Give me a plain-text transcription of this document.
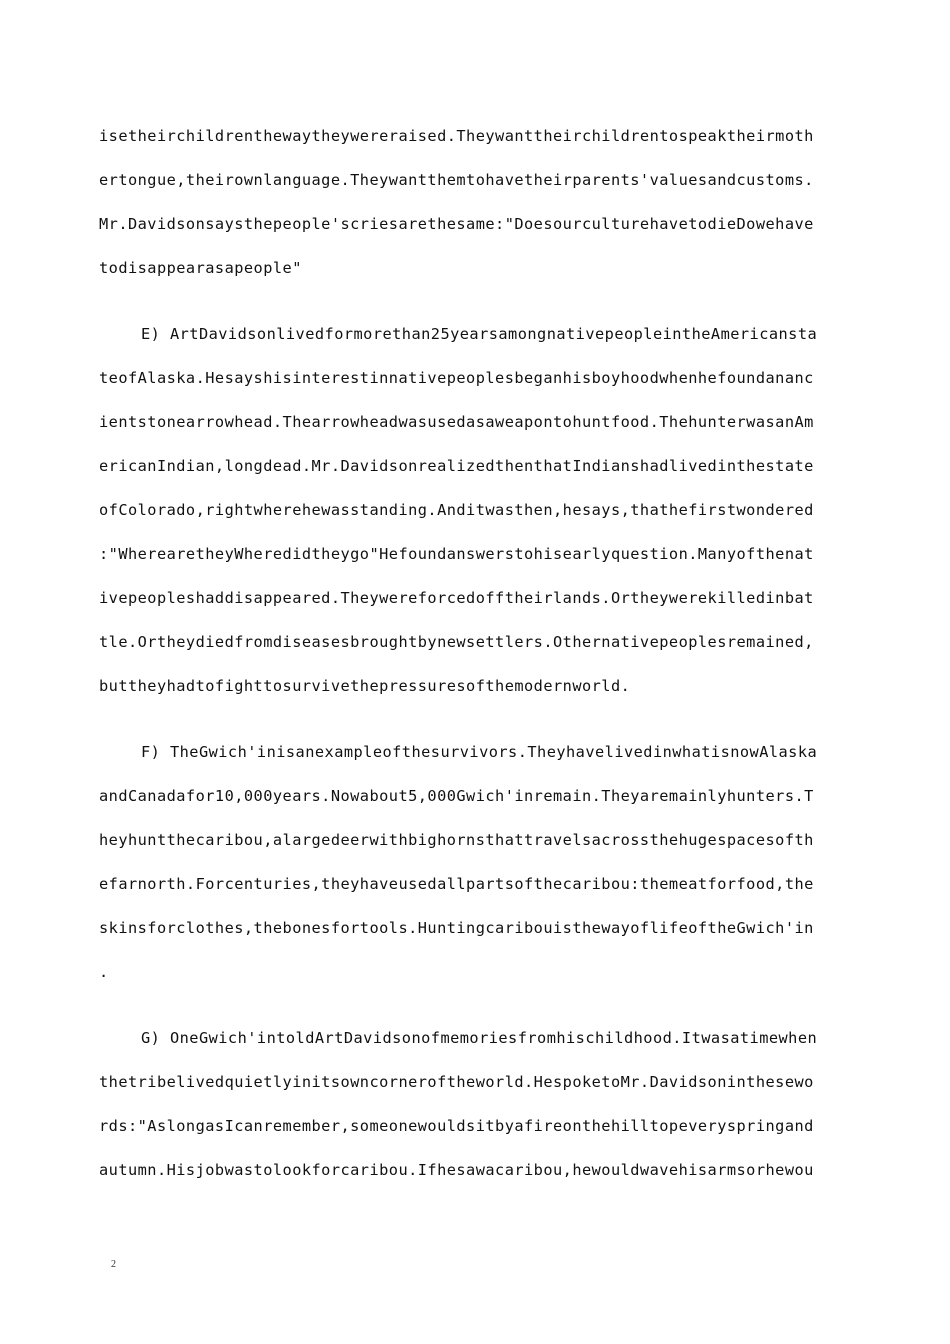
isetheirchildrenthewaytheywereraised.Theywanttheirchildrentospeaktheirmoth
ertongue,theirownlanguage.Theywantthemtohavetheirparents'valuesandcustoms.
Mr.Davidsonsaysthepeople'scriesarethesame:"DoesourculturehavetodieDowehave
todisappearasapeople"
E) ArtDavidsonlivedformorethan25yearsamongnativepeopleintheAmericansta
teofAlaska.Hesayshisinterestinnativepeoplesbeganhisboyhoodwhenhefoundananc
ientstonearrowhead.Thearrowheadwasusedasaweapontohuntfood.ThehunterwasanAm
ericanIndian,longdead.Mr.DavidsonrealizedthenthatIndianshadlivedinthestate
ofColorado,rightwherehewasstanding.Anditwasthen,hesays,thathefirstwondered
:"WherearetheyWheredidtheygo"Hefoundanswerstohisearlyquestion.Manyofthenat
ivepeopleshaddisappeared.Theywereforcedofftheirlands.Ortheywerekilledinbat
tle.Ortheydiedfromdiseasesbroughtbynewsettlers.Othernativepeoplesremained,
buttheyhadtofighttosurvivethepressuresofthemodernworld.
F) TheGwich'inisanexampleofthesurvivors.TheyhavelivedinwhatisnowAlaska
andCanadafor10,000years.Nowabout5,000Gwich'inremain.Theyaremainlyhunters.T
heyhuntthecaribou,alargedeerwithbighornsthattravelsacrossthehugespacesofth
efarnorth.Forcenturies,theyhaveusedallpartsofthecaribou:themeatforfood,the
skinsforclothes,thebonesfortools.HuntingcaribouisthewayoflifeoftheGwich'in
.
G) OneGwich'intoldArtDavidsonofmemoriesfromhischildhood.Itwasatimewhen
thetribelivedquietlyinitsowncorneroftheworld.HespoketoMr.Davidsoninthesewo
rds:"AslongasIcanremember,someonewouldsitbyafireonthehilltopeveryspringand
autumn.Hisjobwastolookforcaribou.Ifhesawacaribou,hewouldwavehisarmsorhewou
2
